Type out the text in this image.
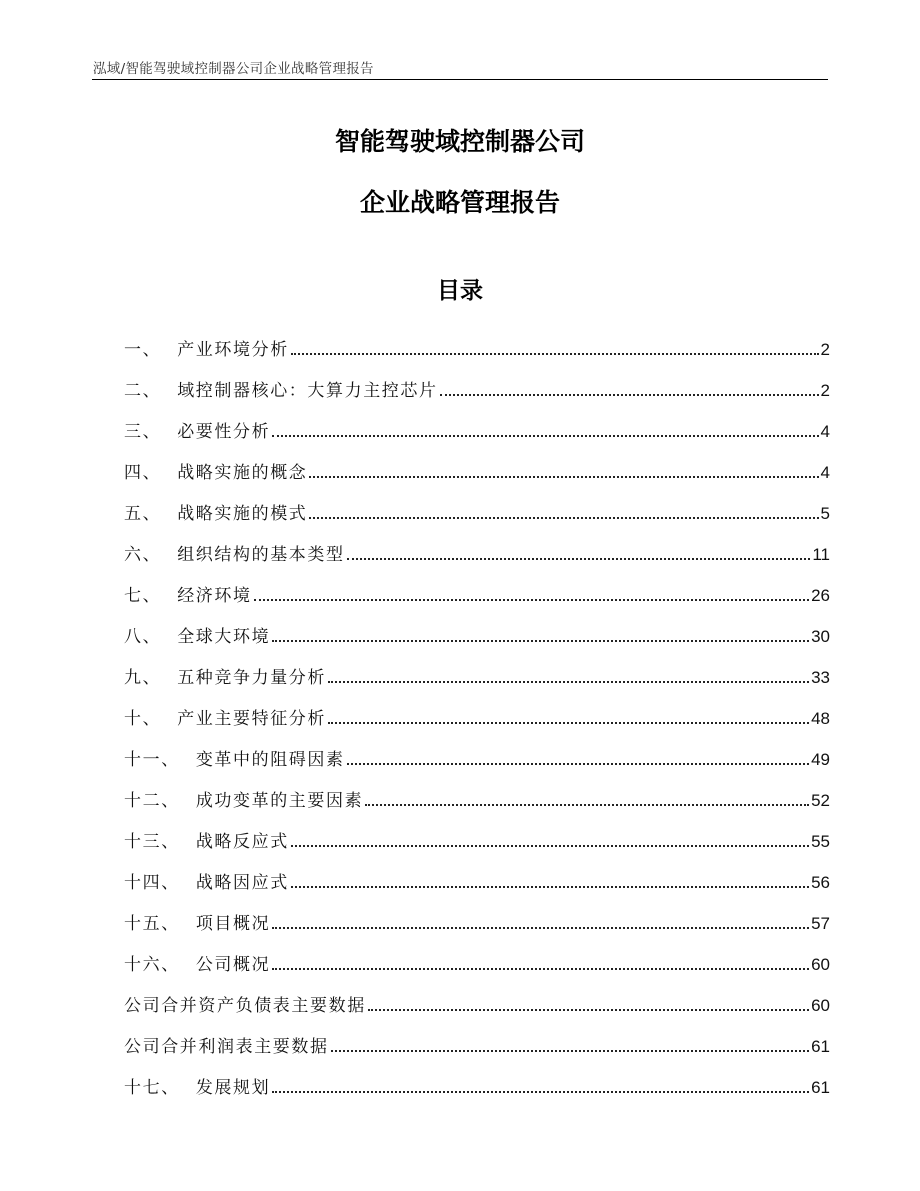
泓域/智能驾驶域控制器公司企业战略管理报告
智能驾驶域控制器公司
企业战略管理报告
目录
一、 产业环境分析	2
二、 域控制器核心：大算力主控芯片	2
三、 必要性分析	4
四、 战略实施的概念	4
五、 战略实施的模式	5
六、 组织结构的基本类型	11
七、 经济环境	26
八、 全球大环境	30
九、 五种竞争力量分析	33
十、 产业主要特征分析	48
十一、 变革中的阻碍因素	49
十二、 成功变革的主要因素	52
十三、 战略反应式	55
十四、 战略因应式	56
十五、 项目概况	57
十六、 公司概况	60
公司合并资产负债表主要数据	60
公司合并利润表主要数据	61
十七、 发展规划	61
